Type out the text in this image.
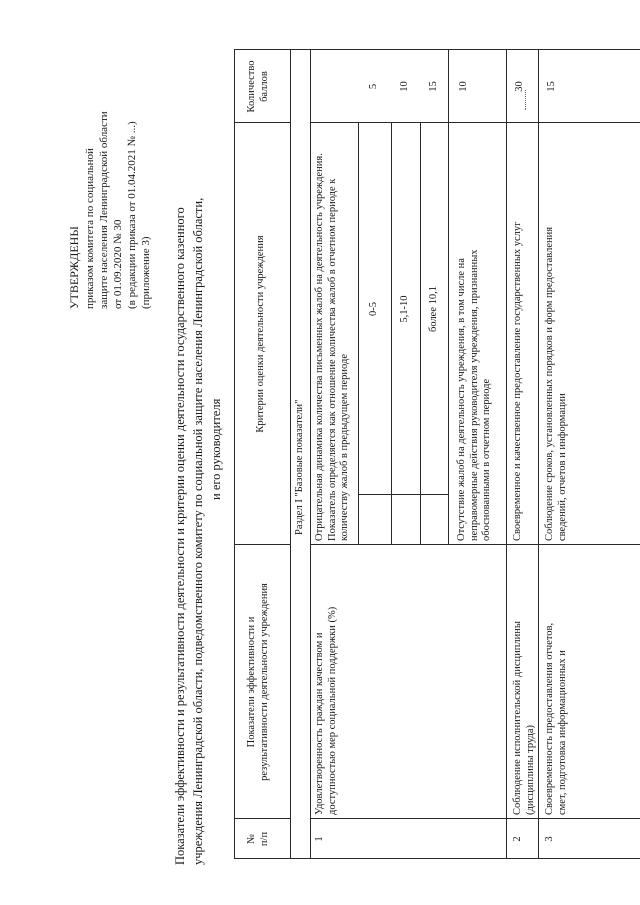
УТВЕРЖДЕНЫ приказом комитета по социальной защите населения Ленинградской области от 01.09.2020 № 30 (в редакции приказа от 01.04.2021 № ...) (приложение 3) Показатели эффективности и результативности деятельности и критерии оценки деятельности государственного казенного учреждения Ленинградской области, подведомственного комитету по социальной защите населения Ленинградской области, и его руководителя
№ п/п
Показатели эффективности и результативности деятельности учреждения
Критерии оценки деятельности учреждения
Количество баллов
Раздел I "Базовые показатели"
1
Удовлетворенность граждан качеством и доступностью мер социальной поддержки (%)
Отрицательная динамика количества письменных жалоб на деятельность учреждения. Показатель определяется как отношение количества жалоб в отчетном периоде к количеству жалоб в предыдущем периоде
0-5
5
5,1-10
10
более 10,1
15
Отсутствие жалоб на деятельность учреждения, в том числе на неправомерные действия руководителя учреждения, признанных обоснованными в отчетном периоде
10
2
Соблюдение исполнительской дисциплины (дисциплины труда)
Своевременное и качественное предоставление государственных услуг
30
3
Своевременность предоставления отчетов, смет, подготовка информационных и
Соблюдение сроков, установленных порядков и форм предоставления сведений, отчетов и информации
15
